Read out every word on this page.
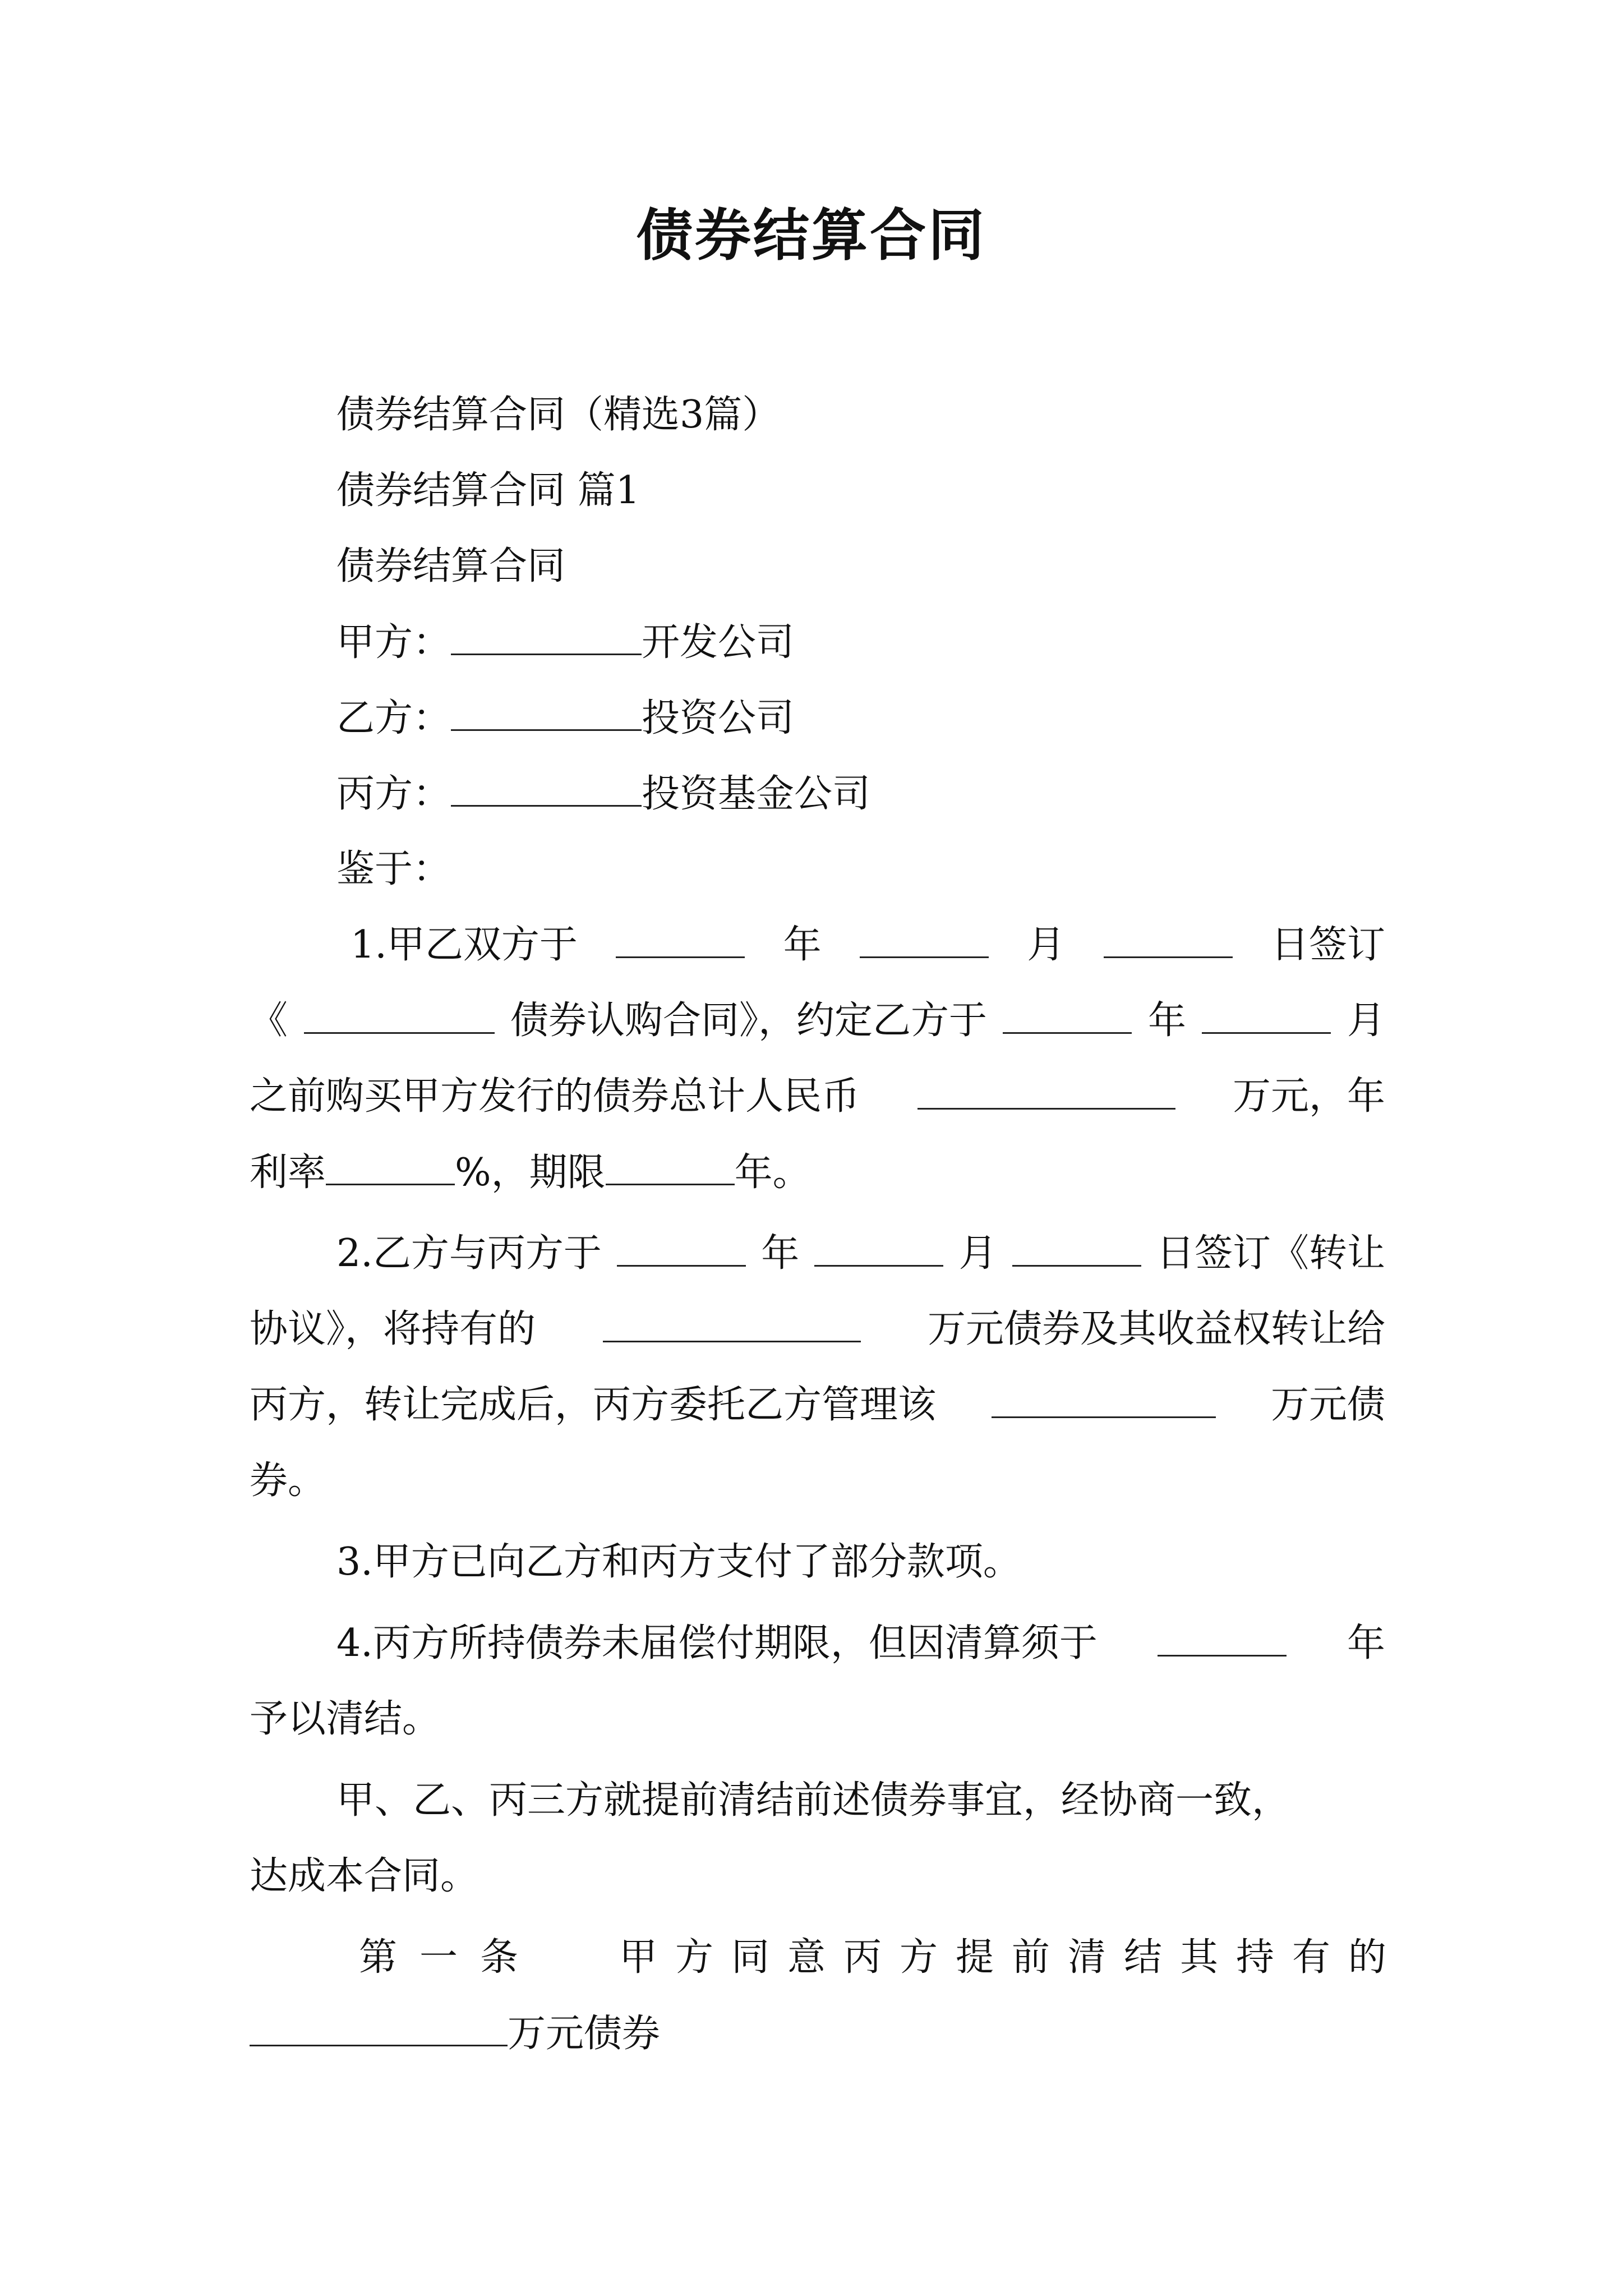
债券结算合同
债券结算合同（精选3篇）
债券结算合同 篇1
债券结算合同
甲方：	开发公司
乙方：	投资公司
丙方：	投资基金公司
鉴于：
1.甲乙双方于	年	月	日签订
《	债券认购合同》，约定乙方于	年	月
之前购买甲方发行的债券总计人民币	万元，年
利率	%，期限	年。
2.乙方与丙方于	年	月	日签订《转让
协议》，将持有的	万元债券及其收益权转让给
丙方，转让完成后，丙方委托乙方管理该	万元债
券。
3.甲方已向乙方和丙方支付了部分款项。
4.丙方所持债券未届偿付期限，但因清算须于	年
予以清结。
甲、乙、丙三方就提前清结前述债券事宜，经协商一致，
达成本合同。
第一条 甲方同意丙方提前清结其持有的
万元债券
